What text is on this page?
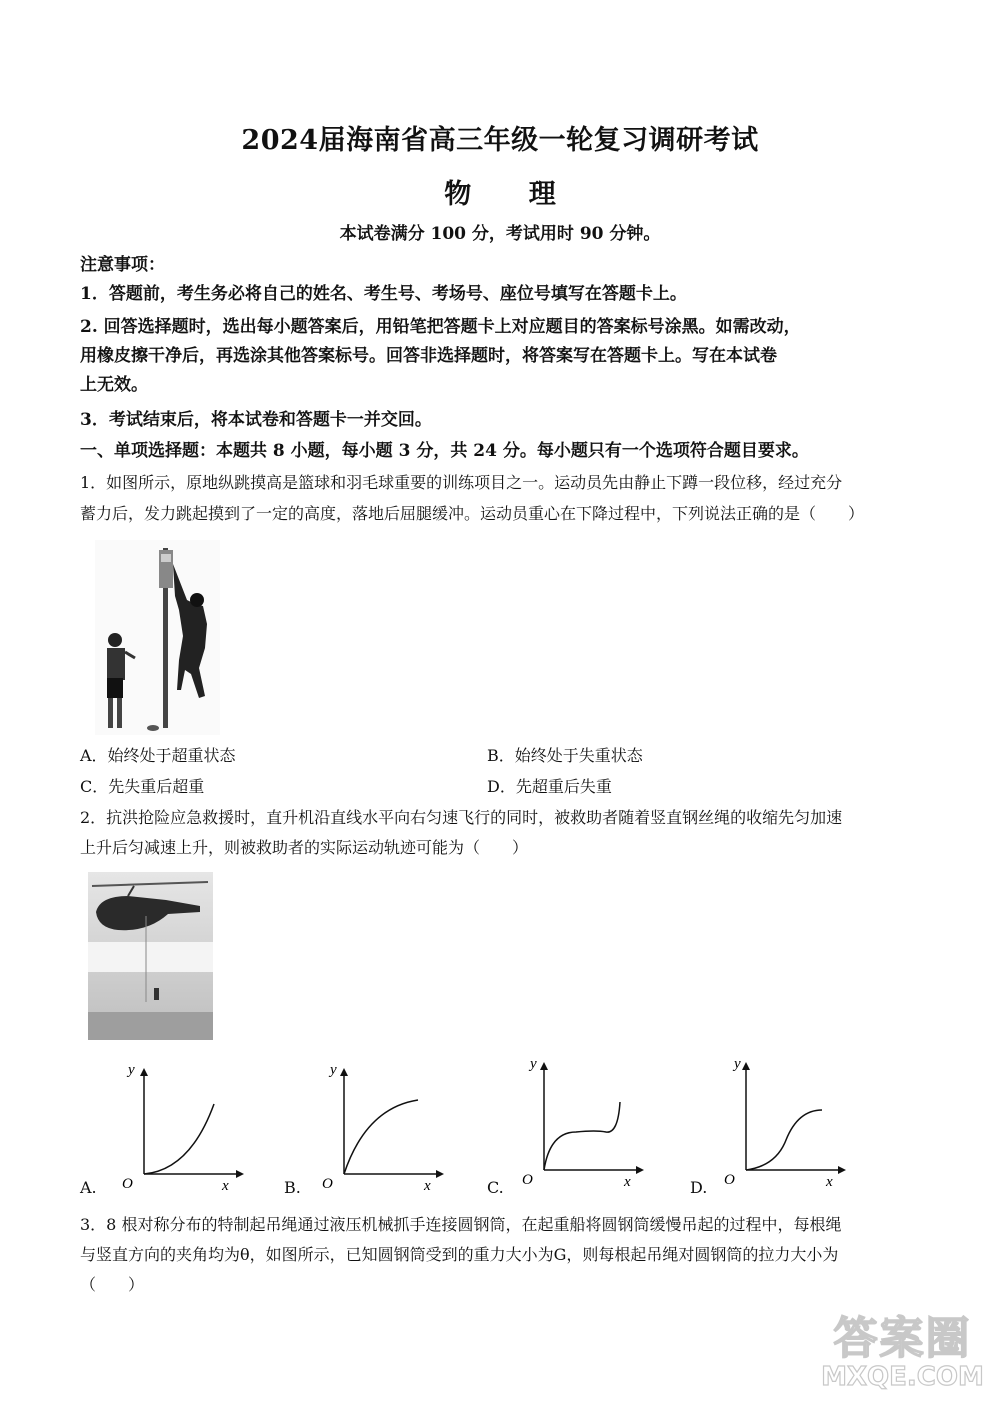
2024届海南省高三年级一轮复习调研考试
物 理
本试卷满分 100 分，考试用时 90 分钟。
注意事项：
1．答题前，考生务必将自己的姓名、考生号、考场号、座位号填写在答题卡上。
2. 回答选择题时，选出每小题答案后，用铅笔把答题卡上对应题目的答案标号涂黑。如需改动，
用橡皮擦干净后，再选涂其他答案标号。回答非选择题时，将答案写在答题卡上。写在本试卷
上无效。
3．考试结束后，将本试卷和答题卡一并交回。
一、单项选择题：本题共 8 小题，每小题 3 分，共 24 分。每小题只有一个选项符合题目要求。
1．如图所示，原地纵跳摸高是篮球和羽毛球重要的训练项目之一。运动员先由静止下蹲一段位移，经过充分
蓄力后，发力跳起摸到了一定的高度，落地后屈腿缓冲。运动员重心在下降过程中，下列说法正确的是（　　）
A．始终处于超重状态	B．始终处于失重状态
C．先失重后超重	D．先超重后失重
2．抗洪抢险应急救援时，直升机沿直线水平向右匀速飞行的同时，被救助者随着竖直钢丝绳的收缩先匀加速
上升后匀减速上升，则被救助者的实际运动轨迹可能为（　　）
A.	B.	C.	D.
y
O	x
y
O	x
y
O	x
y
O	x
3．8 根对称分布的特制起吊绳通过液压机械抓手连接圆钢筒，在起重船将圆钢筒缓慢吊起的过程中，每根绳
与竖直方向的夹角均为θ，如图所示，已知圆钢筒受到的重力大小为G，则每根起吊绳对圆钢筒的拉力大小为
（　　）
答案圈
MXQE.COM
